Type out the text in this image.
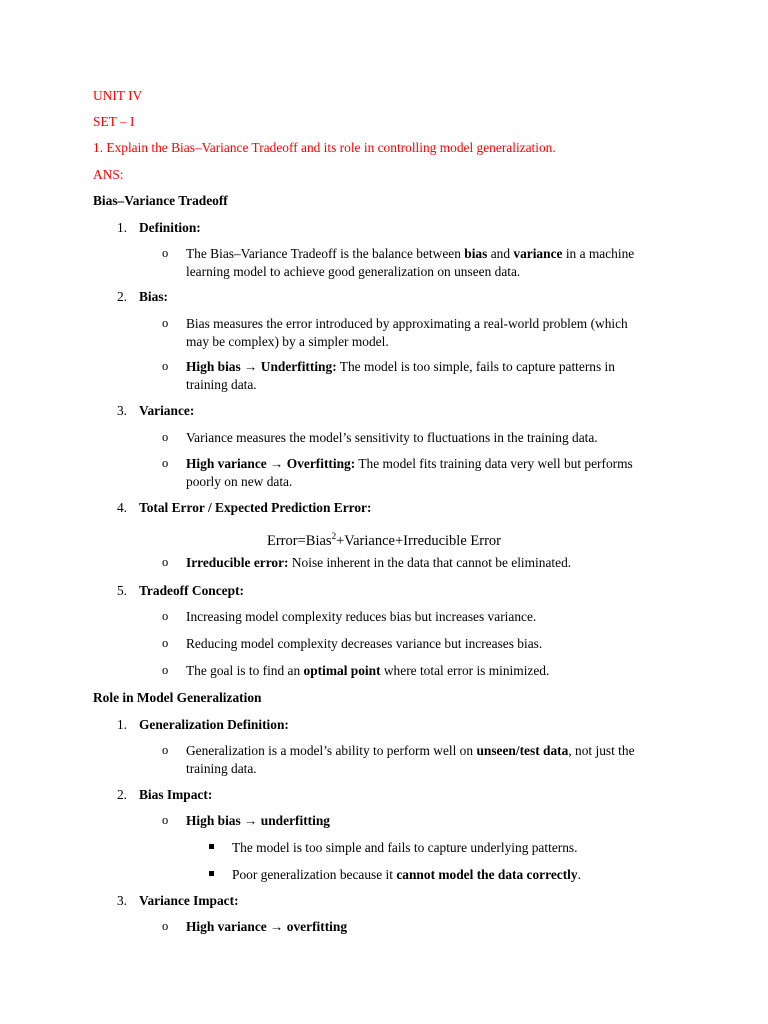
UNIT IV
SET – I
1. Explain the Bias–Variance Tradeoff and its role in controlling model generalization.
ANS:
Bias–Variance Tradeoff
1. Definition:
o The Bias–Variance Tradeoff is the balance between bias and variance in a machine
learning model to achieve good generalization on unseen data.
2. Bias:
o Bias measures the error introduced by approximating a real-world problem (which
may be complex) by a simpler model.
o High bias → Underfitting: The model is too simple, fails to capture patterns in
training data.
3. Variance:
o Variance measures the model’s sensitivity to fluctuations in the training data.
o High variance → Overfitting: The model fits training data very well but performs
poorly on new data.
4. Total Error / Expected Prediction Error:
Error=Bias$^2$+Variance+Irreducible Error
o Irreducible error: Noise inherent in the data that cannot be eliminated.
5. Tradeoff Concept:
o Increasing model complexity reduces bias but increases variance.
o Reducing model complexity decreases variance but increases bias.
o The goal is to find an optimal point where total error is minimized.
Role in Model Generalization
1. Generalization Definition:
o Generalization is a model’s ability to perform well on unseen/test data, not just the
training data.
2. Bias Impact:
o High bias → underfitting
The model is too simple and fails to capture underlying patterns.
Poor generalization because it cannot model the data correctly.
3. Variance Impact:
o High variance → overfitting
